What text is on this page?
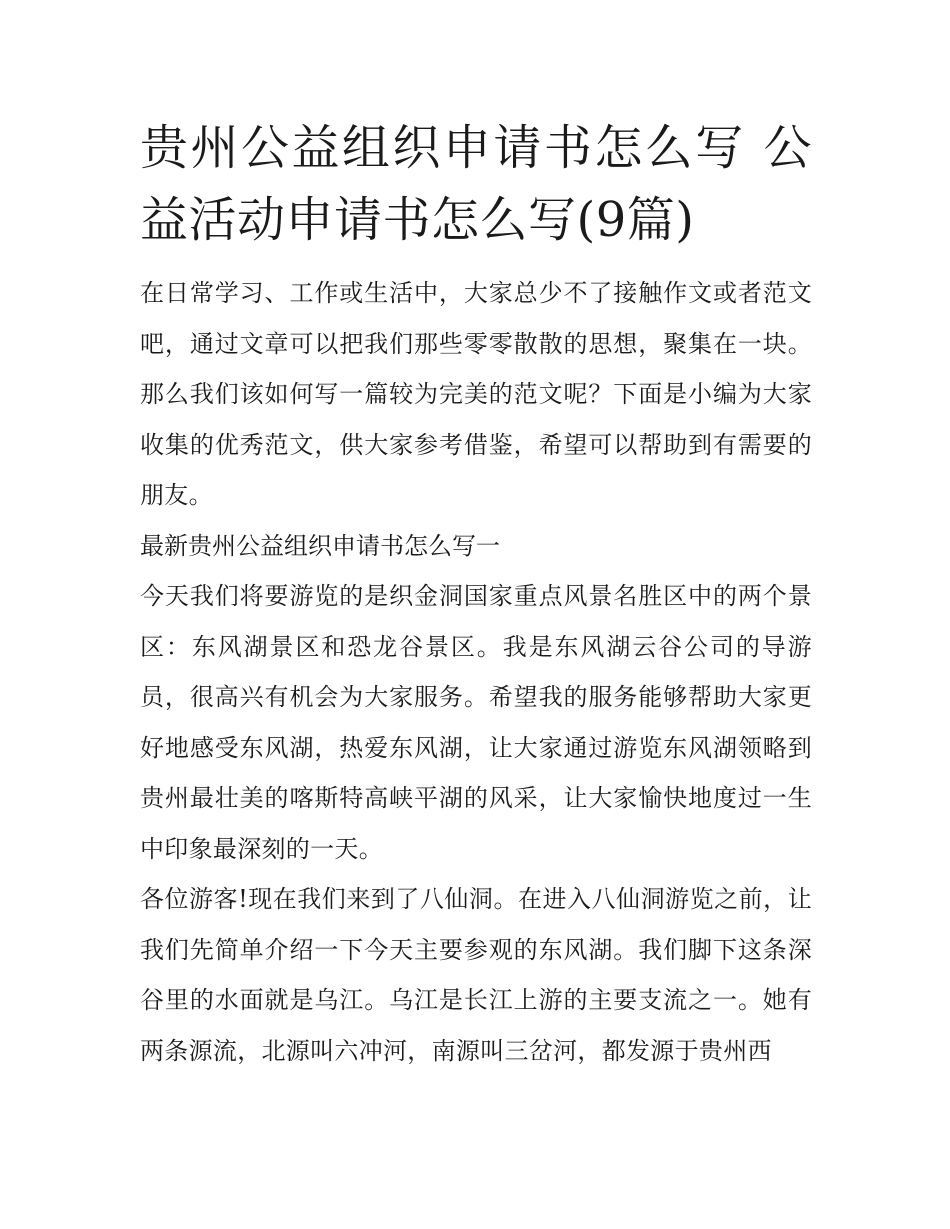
贵州公益组织申请书怎么写 公益活动申请书怎么写(9篇)

在日常学习、工作或生活中，大家总少不了接触作文或者范文吧，通过文章可以把我们那些零零散散的思想，聚集在一块。那么我们该如何写一篇较为完美的范文呢？下面是小编为大家收集的优秀范文，供大家参考借鉴，希望可以帮助到有需要的朋友。

最新贵州公益组织申请书怎么写一

今天我们将要游览的是织金洞国家重点风景名胜区中的两个景区：东风湖景区和恐龙谷景区。我是东风湖云谷公司的导游员，很高兴有机会为大家服务。希望我的服务能够帮助大家更好地感受东风湖，热爱东风湖，让大家通过游览东风湖领略到贵州最壮美的喀斯特高峡平湖的风采，让大家愉快地度过一生中印象最深刻的一天。

各位游客!现在我们来到了八仙洞。在进入八仙洞游览之前，让我们先简单介绍一下今天主要参观的东风湖。我们脚下这条深谷里的水面就是乌江。乌江是长江上游的主要支流之一。她有两条源流，北源叫六冲河，南源叫三岔河，都发源于贵州西
